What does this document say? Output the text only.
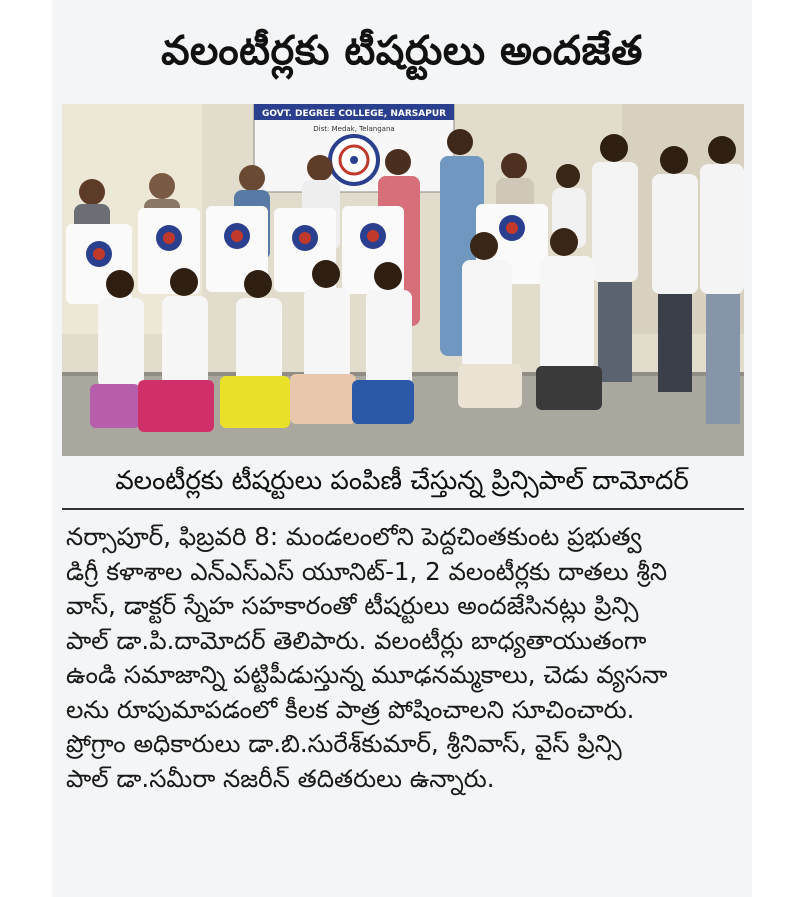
వలంటీర్లకు టీషర్టులు అందజేత
GOVT. DEGREE COLLEGE, NARSAPUR
Dist: Medak, Telangana
వలంటీర్లకు టీషర్టులు పంపిణీ చేస్తున్న ప్రిన్సిపాల్ దామోదర్
నర్సాపూర్, ఫిబ్రవరి 8: మండలంలోని పెద్దచింతకుంట ప్రభుత్వ
డిగ్రీ కళాశాల ఎన్ఎస్ఎస్ యూనిట్-1, 2 వలంటీర్లకు దాతలు శ్రీని
వాస్, డాక్టర్ స్నేహ సహకారంతో టీషర్టులు అందజేసినట్లు ప్రిన్సి
పాల్ డా.పి.దామోదర్ తెలిపారు. వలంటీర్లు బాధ్యతాయుతంగా
ఉండి సమాజాన్ని పట్టిపీడుస్తున్న మూఢనమ్మకాలు, చెడు వ్యసనా
లను రూపుమాపడంలో కీలక పాత్ర పోషించాలని సూచించారు.
ప్రోగ్రాం అధికారులు డా.బి.సురేశ్‌కుమార్, శ్రీనివాస్, వైస్ ప్రిన్సి
పాల్ డా.సమీరా నజరీన్ తదితరులు ఉన్నారు.
